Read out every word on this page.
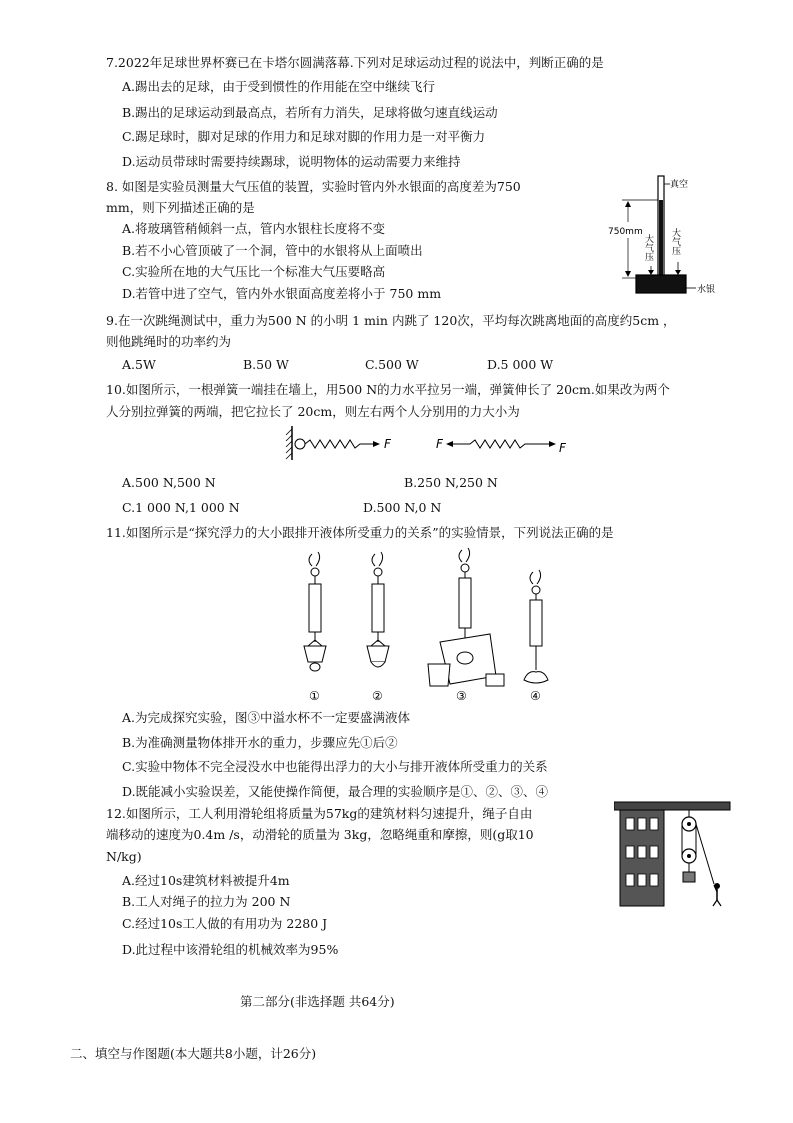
7.2022年足球世界杯赛已在卡塔尔圆满落幕.下列对足球运动过程的说法中，判断正确的是
A.踢出去的足球，由于受到惯性的作用能在空中继续飞行
B.踢出的足球运动到最高点，若所有力消失，足球将做匀速直线运动
C.踢足球时，脚对足球的作用力和足球对脚的作用力是一对平衡力
D.运动员带球时需要持续踢球，说明物体的运动需要力来维持
8. 如图是实验员测量大气压值的装置，实验时管内外水银面的高度差为750
mm，则下列描述正确的是
A.将玻璃管稍倾斜一点，管内水银柱长度将不变
B.若不小心管顶破了一个洞，管中的水银将从上面喷出
C.实验所在地的大气压比一个标准大气压要略高
D.若管中进了空气，管内外水银面高度差将小于 750 mm
真空
750mm
大气压 大气压
水银
9.在一次跳绳测试中，重力为500 N 的小明 1 min 内跳了 120次，平均每次跳离地面的高度约5cm ，
则他跳绳时的功率约为
A.5W	B.50 W	C.500 W	D.5 000 W
10.如图所示，一根弹簧一端挂在墙上，用500 N的力水平拉另一端，弹簧伸长了 20cm.如果改为两个
人分别拉弹簧的两端，把它拉长了 20cm，则左右两个人分别用的力大小为
F	F	F
A.500 N,500 N	B.250 N,250 N
C.1 000 N,1 000 N	D.500 N,0 N
11.如图所示是“探究浮力的大小跟排开液体所受重力的关系”的实验情景，下列说法正确的是
①	②	③	④
A.为完成探究实验，图③中溢水杯不一定要盛满液体
B.为准确测量物体排开水的重力，步骤应先①后②
C.实验中物体不完全浸没水中也能得出浮力的大小与排开液体所受重力的关系
D.既能减小实验误差，又能使操作简便，最合理的实验顺序是①、②、③、④
12.如图所示，工人利用滑轮组将质量为57kg的建筑材料匀速提升，绳子自由
端移动的速度为0.4m /s，动滑轮的质量为 3kg，忽略绳重和摩擦，则(g取10
N/kg)
A.经过10s建筑材料被提升4m
B.工人对绳子的拉力为 200 N
C.经过10s工人做的有用功为 2280 J
D.此过程中该滑轮组的机械效率为95%
第二部分(非选择题 共64分)
二、填空与作图题(本大题共8小题，计26分)
